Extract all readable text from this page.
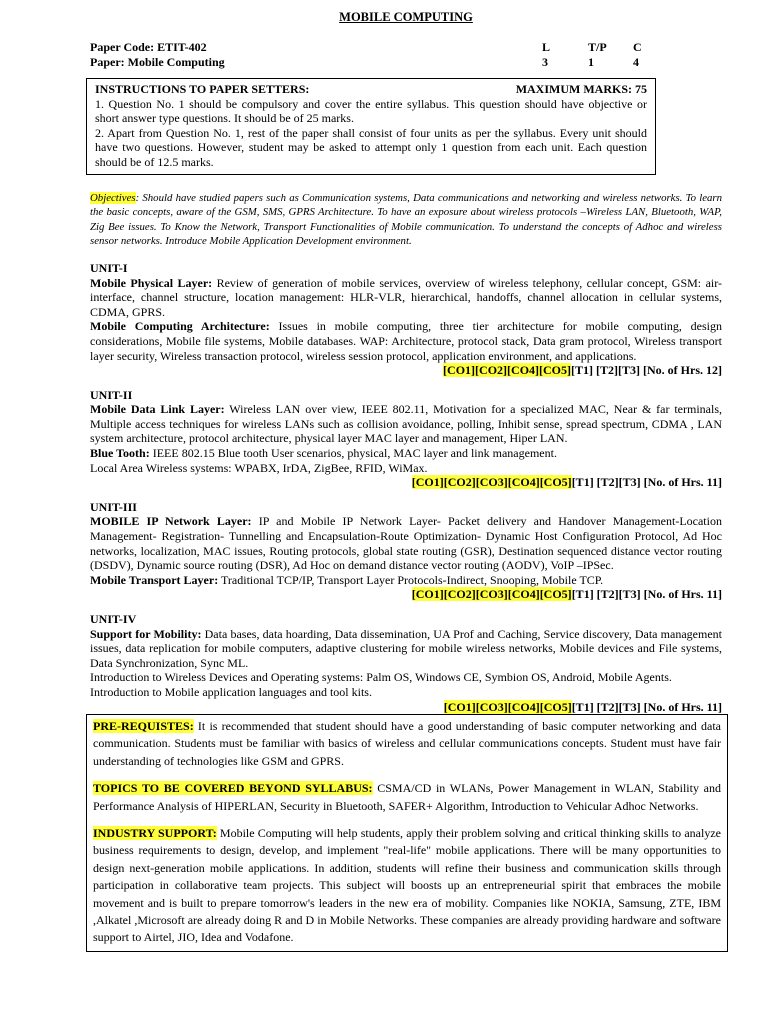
MOBILE COMPUTING
Paper Code: ETIT-402
Paper: Mobile Computing
L
3
T/P
1
C
4
INSTRUCTIONS TO PAPER SETTERS:	MAXIMUM MARKS: 75
1. Question No. 1 should be compulsory and cover the entire syllabus. This question should have objective or short answer type questions. It should be of 25 marks.
2. Apart from Question No. 1, rest of the paper shall consist of four units as per the syllabus. Every unit should have two questions. However, student may be asked to attempt only 1 question from each unit. Each question should be of 12.5 marks.
Objectives: Should have studied papers such as Communication systems, Data communications and networking and wireless networks. To learn the basic concepts, aware of the GSM, SMS, GPRS Architecture. To have an exposure about wireless protocols –Wireless LAN, Bluetooth, WAP, Zig Bee issues. To Know the Network, Transport Functionalities of Mobile communication. To understand the concepts of Adhoc and wireless sensor networks. Introduce Mobile Application Development environment.
UNIT-I
Mobile Physical Layer: Review of generation of mobile services, overview of wireless telephony, cellular concept, GSM: air-interface, channel structure, location management: HLR-VLR, hierarchical, handoffs, channel allocation in cellular systems, CDMA, GPRS.
Mobile Computing Architecture: Issues in mobile computing, three tier architecture for mobile computing, design considerations, Mobile file systems, Mobile databases. WAP: Architecture, protocol stack, Data gram protocol, Wireless transport layer security, Wireless transaction protocol, wireless session protocol, application environment, and applications.
[CO1][CO2][CO4][CO5][T1] [T2][T3] [No. of Hrs. 12]
UNIT-II
Mobile Data Link Layer: Wireless LAN over view, IEEE 802.11, Motivation for a specialized MAC, Near & far terminals, Multiple access techniques for wireless LANs such as collision avoidance, polling, Inhibit sense, spread spectrum, CDMA , LAN system architecture, protocol architecture, physical layer MAC layer and management, Hiper LAN.
Blue Tooth: IEEE 802.15 Blue tooth User scenarios, physical, MAC layer and link management.
Local Area Wireless systems: WPABX, IrDA, ZigBee, RFID, WiMax.
[CO1][CO2][CO3][CO4][CO5][T1] [T2][T3] [No. of Hrs. 11]
UNIT-III
MOBILE IP Network Layer: IP and Mobile IP Network Layer- Packet delivery and Handover Management-Location Management- Registration- Tunnelling and Encapsulation-Route Optimization- Dynamic Host Configuration Protocol, Ad Hoc networks, localization, MAC issues, Routing protocols, global state routing (GSR), Destination sequenced distance vector routing (DSDV), Dynamic source routing (DSR), Ad Hoc on demand distance vector routing (AODV), VoIP –IPSec.
Mobile Transport Layer: Traditional TCP/IP, Transport Layer Protocols-Indirect, Snooping, Mobile TCP.
[CO1][CO2][CO3][CO4][CO5][T1] [T2][T3] [No. of Hrs. 11]
UNIT-IV
Support for Mobility: Data bases, data hoarding, Data dissemination, UA Prof and Caching, Service discovery, Data management issues, data replication for mobile computers, adaptive clustering for mobile wireless networks, Mobile devices and File systems, Data Synchronization, Sync ML.
Introduction to Wireless Devices and Operating systems: Palm OS, Windows CE, Symbion OS, Android, Mobile Agents.
Introduction to Mobile application languages and tool kits.
[CO1][CO3][CO4][CO5][T1] [T2][T3] [No. of Hrs. 11]

PRE-REQUISTES: It is recommended that student should have a good understanding of basic computer networking and data communication. Students must be familiar with basics of wireless and cellular communications concepts. Student must have fair understanding of technologies like GSM and GPRS.

TOPICS TO BE COVERED BEYOND SYLLABUS: CSMA/CD in WLANs, Power Management in WLAN, Stability and Performance Analysis of HIPERLAN, Security in Bluetooth, SAFER+ Algorithm, Introduction to Vehicular Adhoc Networks.

INDUSTRY SUPPORT: Mobile Computing will help students, apply their problem solving and critical thinking skills to analyze business requirements to design, develop, and implement "real-life" mobile applications. There will be many opportunities to design next-generation mobile applications. In addition, students will refine their business and communication skills through participation in collaborative team projects. This subject will boosts up an entrepreneurial spirit that embraces the mobile movement and is built to prepare tomorrow's leaders in the new era of mobility. Companies like NOKIA, Samsung, ZTE, IBM ,Alkatel ,Microsoft are already doing R and D in Mobile Networks. These companies are already providing hardware and software support to Airtel, JIO, Idea and Vodafone.
